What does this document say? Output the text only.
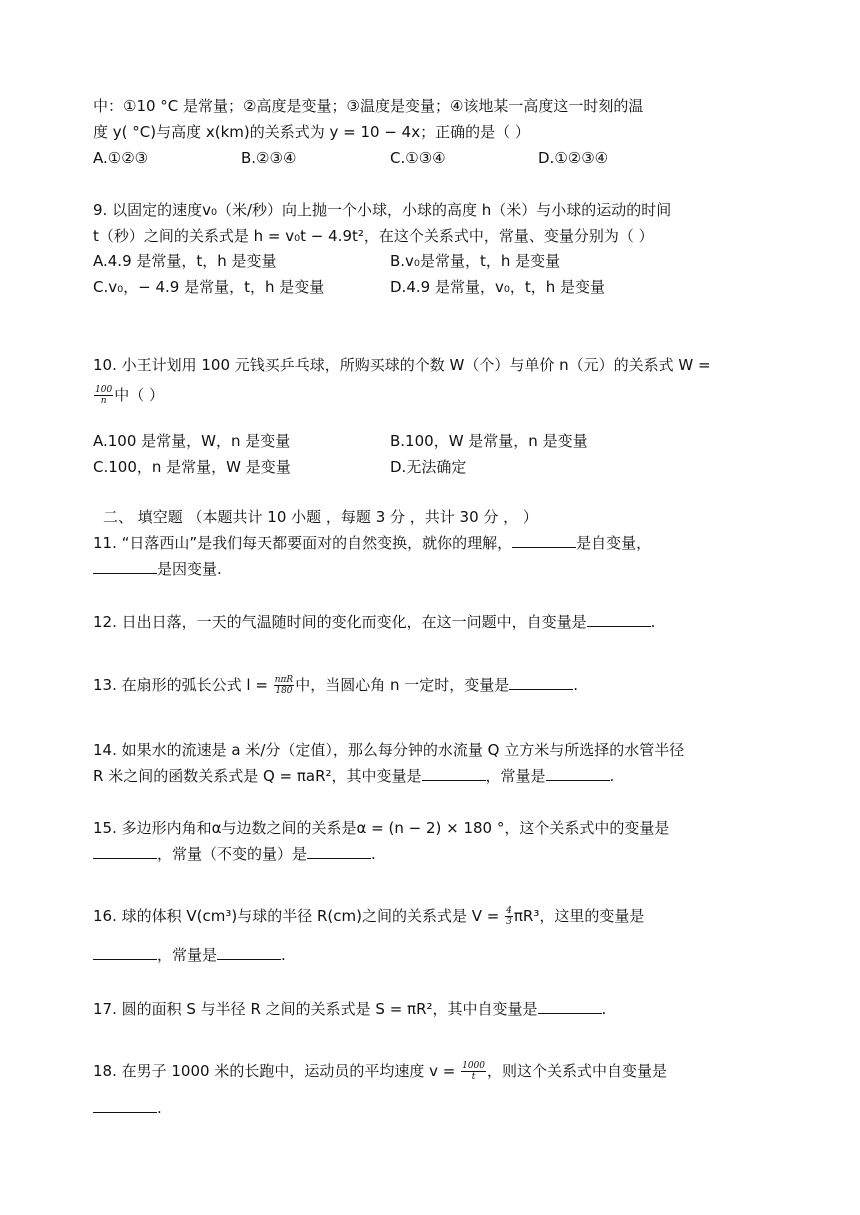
中：①10 °C 是常量；②高度是变量；③温度是变量；④该地某一高度这一时刻的温
度 y( °C)与高度 x(km)的关系式为 y = 10 − 4x；正确的是（ ）
A.①②③	B.②③④	C.①③④	D.①②③④
9. 以固定的速度v₀（米/秒）向上抛一个小球，小球的高度 h（米）与小球的运动的时间
t（秒）之间的关系式是 h = v₀t − 4.9t²，在这个关系式中，常量、变量分别为（ ）
A.4.9 是常量，t，h 是变量	B.v₀是常量，t，h 是变量
C.v₀，− 4.9 是常量，t，h 是变量	D.4.9 是常量，v₀，t，h 是变量
10. 小王计划用 100 元钱买乒乓球，所购买球的个数 W（个）与单价 n（元）的关系式 W =
$\frac{100}{n}$ 中（ ）
A.100 是常量，W，n 是变量	B.100，W 是常量，n 是变量
C.100，n 是常量，W 是变量	D.无法确定
二、 填空题 （本题共计 10 小题 ，每题 3 分 ，共计 30 分 ， ）
11. “日落西山”是我们每天都要面对的自然变换，就你的理解，	是自变量，
是因变量.
12. 日出日落，一天的气温随时间的变化而变化，在这一问题中，自变量是	.
13. 在扇形的弧长公式 $l = \frac{\text{nπR}}{180}$ 中，当圆心角 n 一定时，变量是	.
14. 如果水的流速是 a 米/分（定值），那么每分钟的水流量 Q 立方米与所选择的水管半径
R 米之间的函数关系式是 Q = πaR²，其中变量是	，常量是	.
15. 多边形内角和α与边数之间的关系是α = (n − 2) × 180 °，这个关系式中的变量是
，常量（不变的量）是	.
16. 球的体积 V(cm³)与球的半径 R(cm)之间的关系式是 $V = \frac{4}{3} \pi R^3$，这里的变量是
，常量是	.
17. 圆的面积 S 与半径 R 之间的关系式是 S = πR²，其中自变量是	.
18. 在男子 1000 米的长跑中，运动员的平均速度 $v = \frac{1000}{t}$ ，则这个关系式中自变量是
.
